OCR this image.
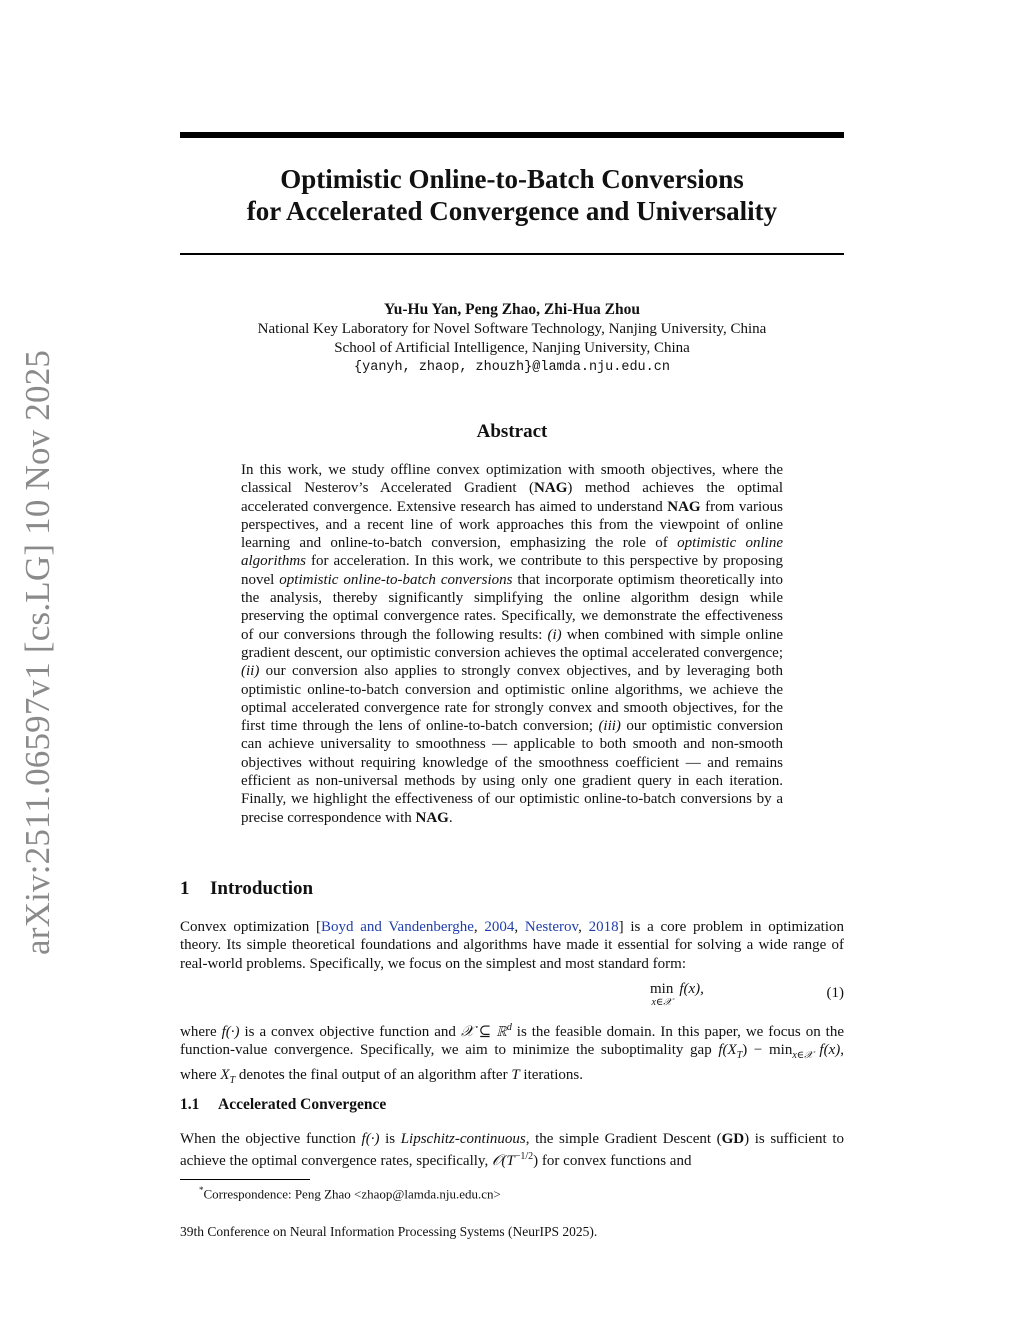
arXiv:2511.06597v1 [cs.LG] 10 Nov 2025
Optimistic Online-to-Batch Conversions
for Accelerated Convergence and Universality
Yu-Hu Yan, Peng Zhao, Zhi-Hua Zhou
National Key Laboratory for Novel Software Technology, Nanjing University, China
School of Artificial Intelligence, Nanjing University, China
{yanyh, zhaop, zhouzh}@lamda.nju.edu.cn
Abstract
In this work, we study offline convex optimization with smooth objectives, where the classical Nesterov’s Accelerated Gradient (NAG) method achieves the optimal accelerated convergence. Extensive research has aimed to understand NAG from various perspectives, and a recent line of work approaches this from the viewpoint of online learning and online-to-batch conversion, emphasizing the role of optimistic online algorithms for acceleration. In this work, we contribute to this perspective by proposing novel optimistic online-to-batch conversions that incorporate optimism theoretically into the analysis, thereby significantly simplifying the online algorithm design while preserving the optimal convergence rates. Specifically, we demonstrate the effectiveness of our conversions through the following results: (i) when combined with simple online gradient descent, our optimistic conversion achieves the optimal accelerated convergence; (ii) our conversion also applies to strongly convex objectives, and by leveraging both optimistic online-to-batch conversion and optimistic online algorithms, we achieve the optimal accelerated convergence rate for strongly convex and smooth objectives, for the first time through the lens of online-to-batch conversion; (iii) our optimistic conversion can achieve universality to smoothness — applicable to both smooth and non-smooth objectives without requiring knowledge of the smoothness coefficient — and remains efficient as non-universal methods by using only one gradient query in each iteration. Finally, we highlight the effectiveness of our optimistic online-to-batch conversions by a precise correspondence with NAG.
1 Introduction
Convex optimization [Boyd and Vandenberghe, 2004, Nesterov, 2018] is a core problem in optimization theory. Its simple theoretical foundations and algorithms have made it essential for solving a wide range of real-world problems. Specifically, we focus on the simplest and most standard form:
min
x∈𝒳
f(x),	(1)
where f(·) is a convex objective function and 𝒳 ⊆ ℝ$^d$ is the feasible domain. In this paper, we focus on the function-value convergence. Specifically, we aim to minimize the suboptimality gap $f(X_T) - \min_{x\in 𝒳} f(x)$, where $X_T$ denotes the final output of an algorithm after T iterations.
1.1 Accelerated Convergence
When the objective function f(·) is Lipschitz-continuous, the simple Gradient Descent (GD) is sufficient to achieve the optimal convergence rates, specifically, $𝒪(T^{-1/2})$ for convex functions and
*Correspondence: Peng Zhao <zhaop@lamda.nju.edu.cn>
39th Conference on Neural Information Processing Systems (NeurIPS 2025).
